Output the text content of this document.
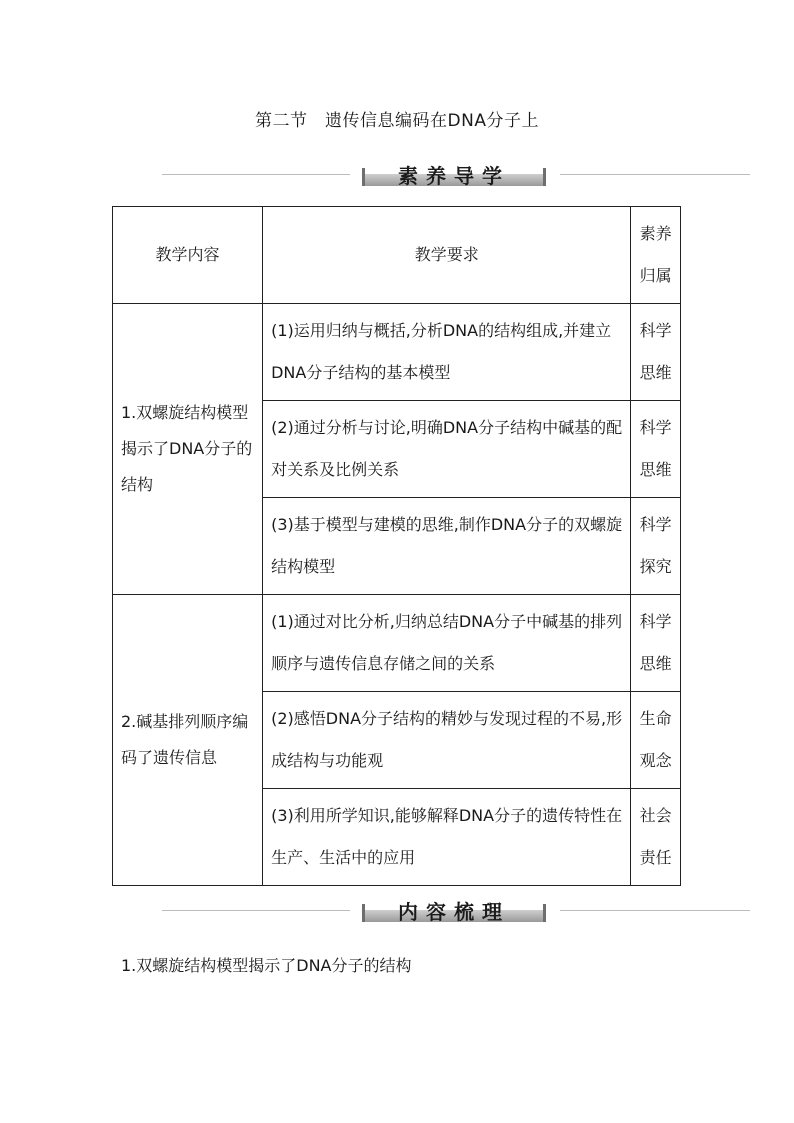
第二节　遗传信息编码在DNA分子上
素养导学
教学内容	教学要求	素养归属
1.双螺旋结构模型揭示了DNA分子的结构	(1)运用归纳与概括,分析DNA的结构组成,并建立DNA分子结构的基本模型	科学思维
	(2)通过分析与讨论,明确DNA分子结构中碱基的配对关系及比例关系	科学思维
	(3)基于模型与建模的思维,制作DNA分子的双螺旋结构模型	科学探究
2.碱基排列顺序编码了遗传信息	(1)通过对比分析,归纳总结DNA分子中碱基的排列顺序与遗传信息存储之间的关系	科学思维
	(2)感悟DNA分子结构的精妙与发现过程的不易,形成结构与功能观	生命观念
	(3)利用所学知识,能够解释DNA分子的遗传特性在生产、生活中的应用	社会责任
内容梳理
1.双螺旋结构模型揭示了DNA分子的结构
